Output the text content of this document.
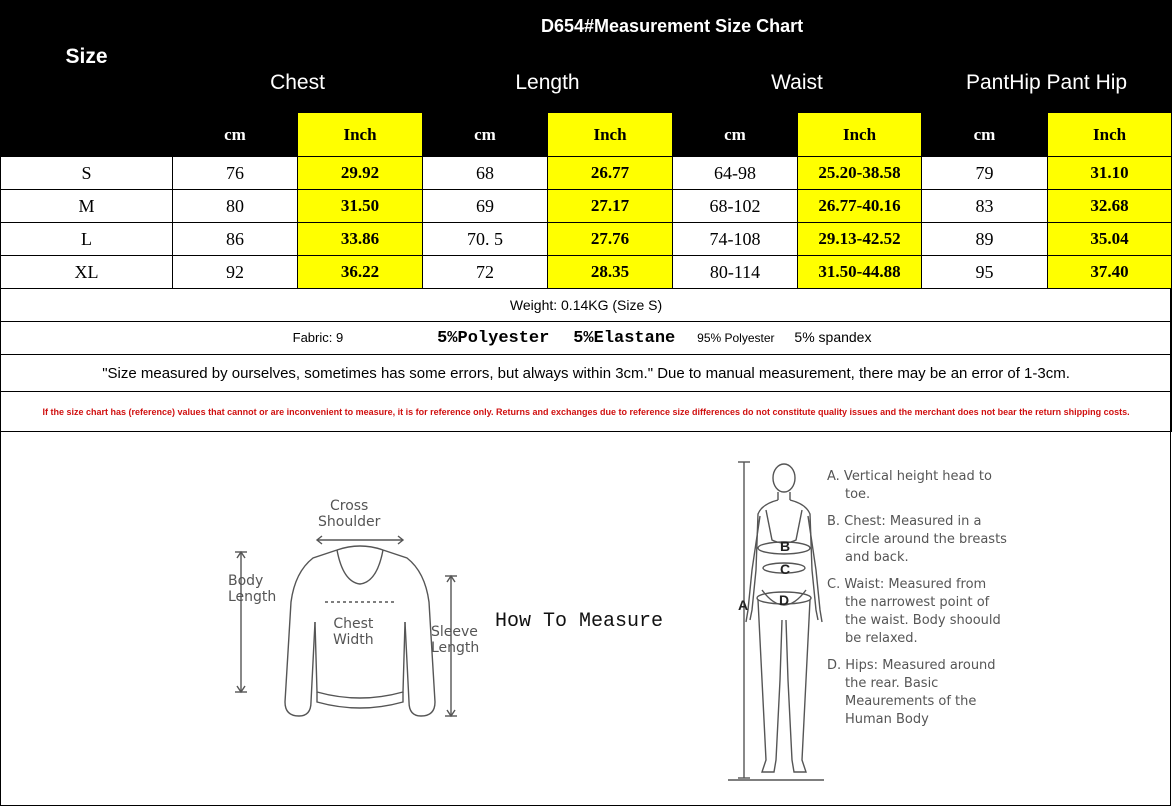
Size	D654#Measurement Size Chart							
	Chest		Length		Waist		PantHip Pant Hip	
	cm	Inch	cm	Inch	cm	Inch	cm	Inch
S	76	29.92	68	26.77	64-98	25.20-38.58	79	31.10
M	80	31.50	69	27.17	68-102	26.77-40.16	83	32.68
L	86	33.86	70. 5	27.76	74-108	29.13-42.52	89	35.04
XL	92	36.22	72	28.35	80-114	31.50-44.88	95	37.40
Weight: 0.14KG (Size S)								
Fabric: 9 5%Polyester 5%Elastane 95% Polyester 5% spandex								
"Size measured by ourselves, sometimes has some errors, but always within 3cm." Due to manual measurement, there may be an error of 1-3cm.								
If the size chart has (reference) values that cannot or are inconvenient to measure, it is for reference only. Returns and exchanges due to reference size differences do not constitute quality issues and the merchant does not bear the return shipping costs.								
Cross
Shoulder
Body
Length
Chest
Width	Sleeve
Length
How To Measure
A
B
C
D
A. Vertical height head to toe.
B. Chest: Measured in a circle around the breasts and back.
C. Waist: Measured from the narrowest point of the waist. Body shoould be relaxed.
D. Hips: Measured around the rear. Basic Meaurements of the Human Body
